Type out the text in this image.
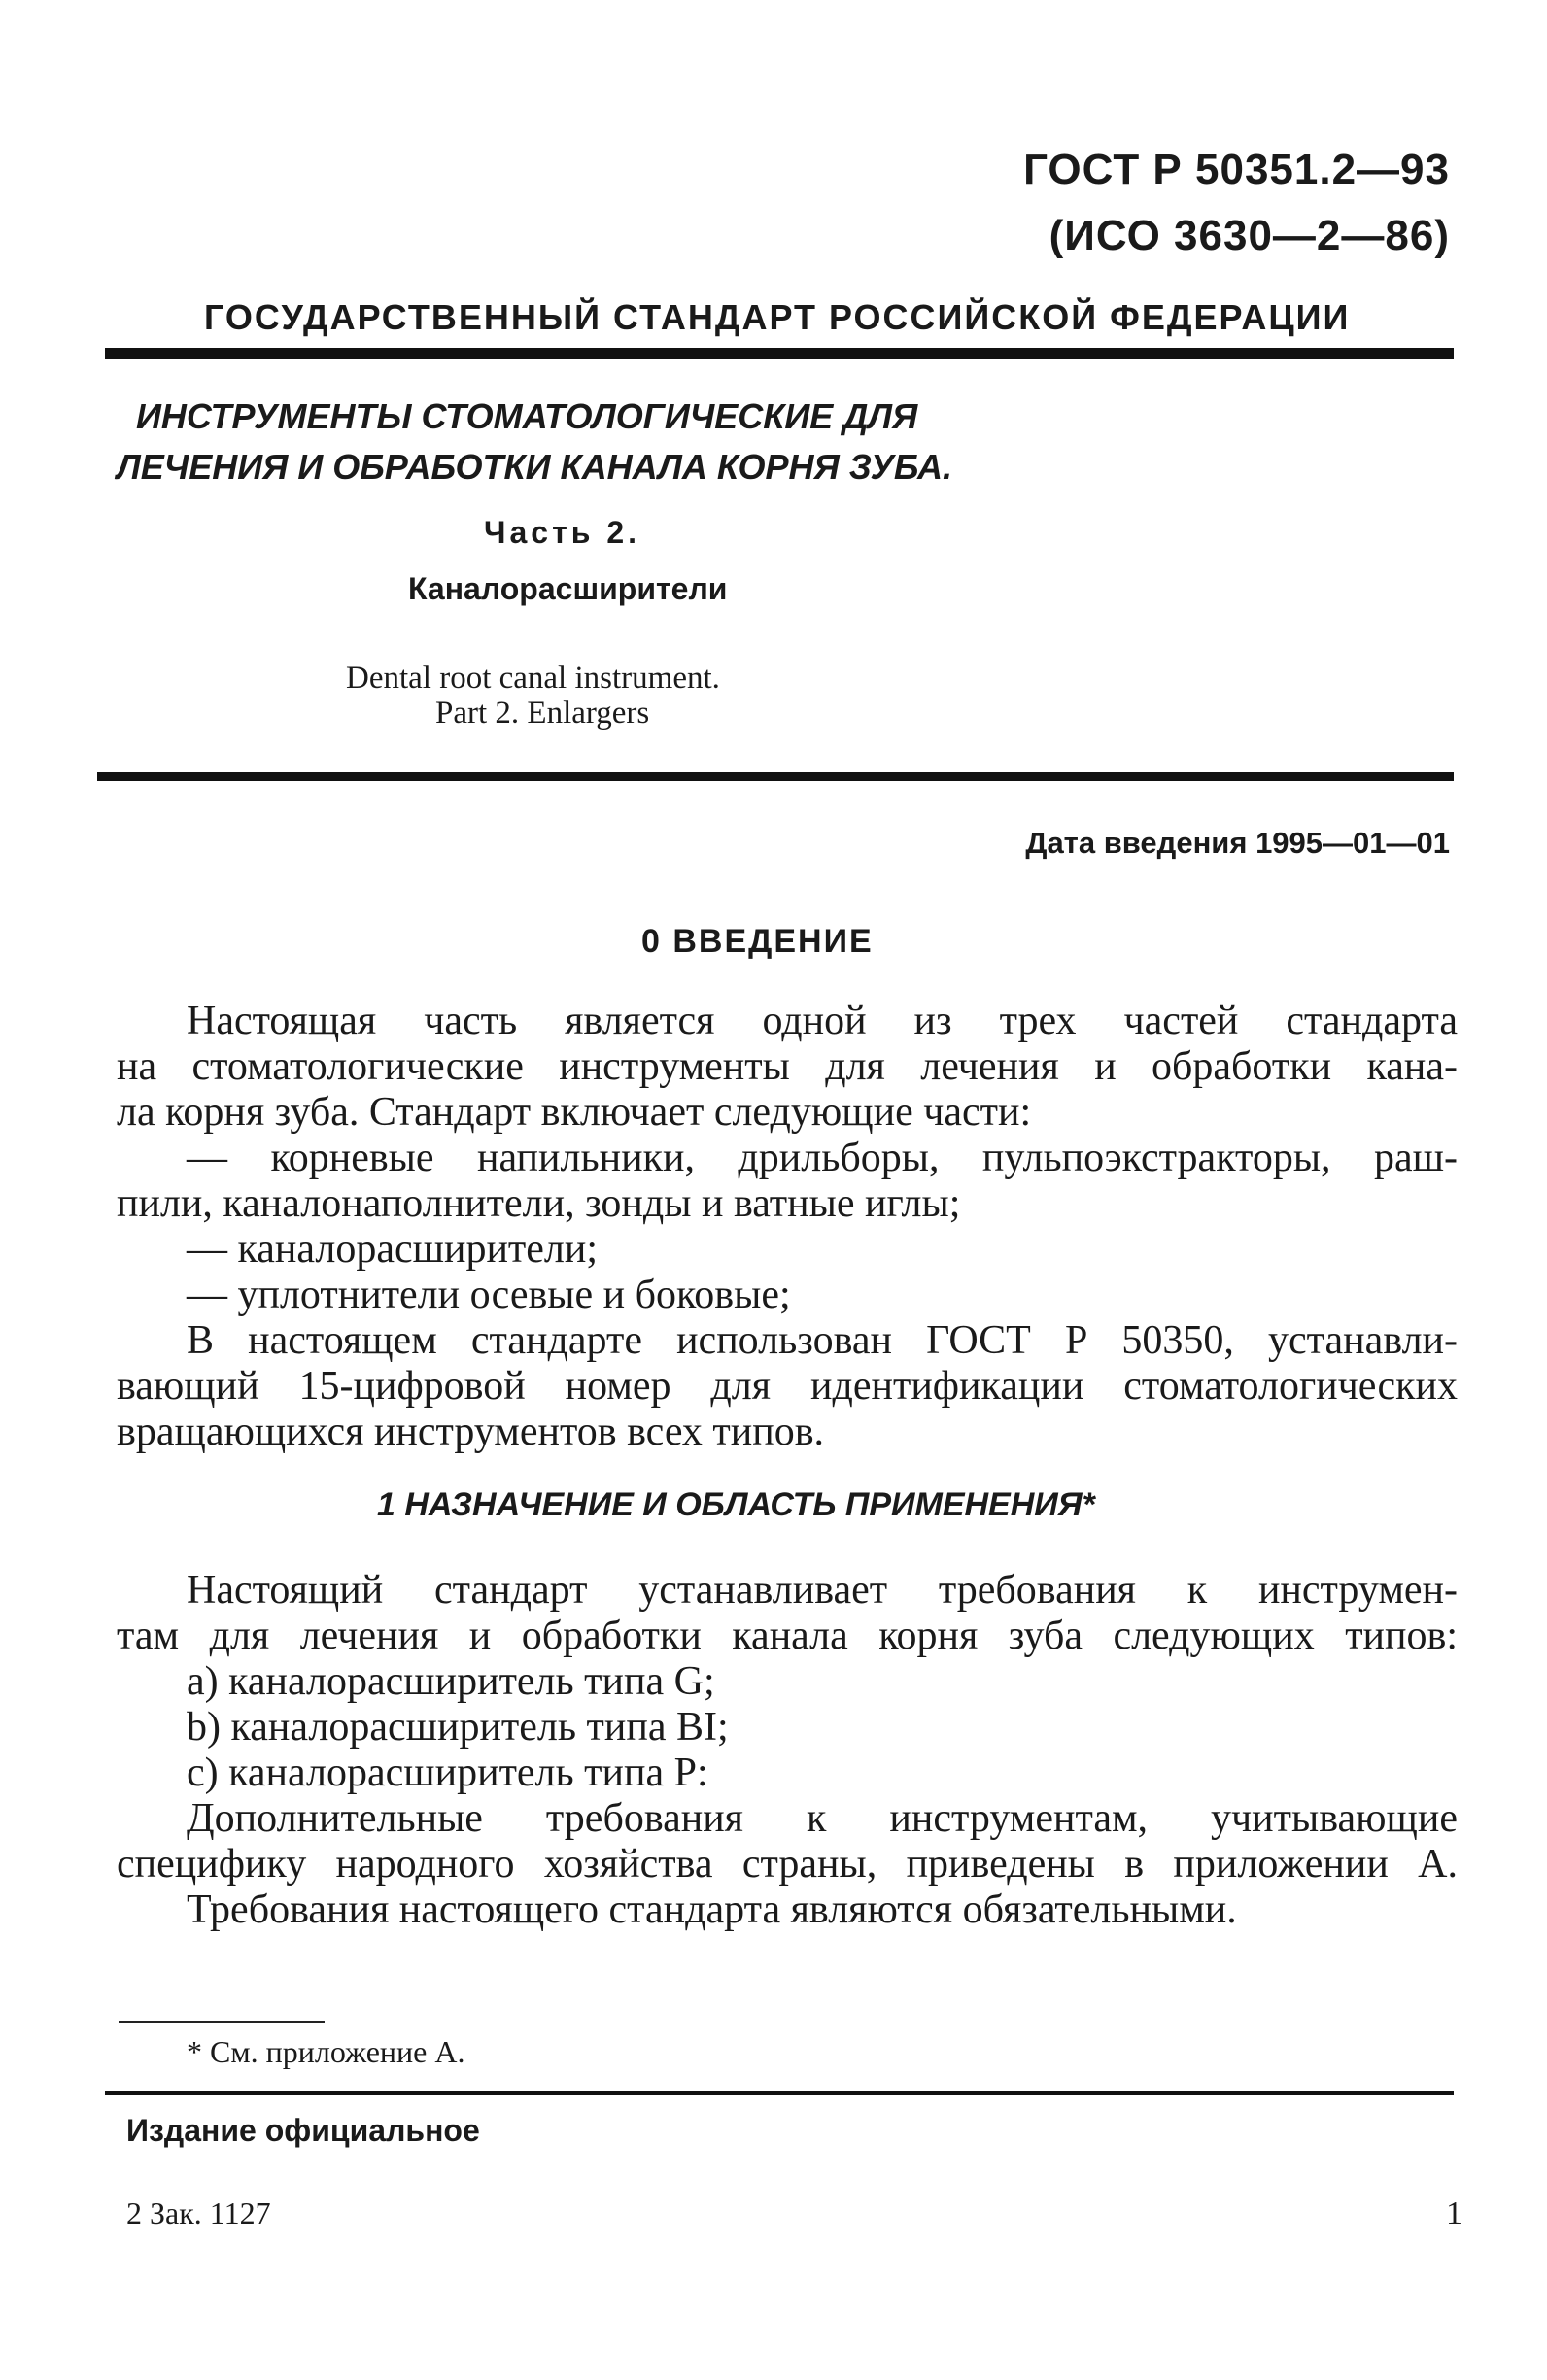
ГОСТ Р 50351.2—93
(ИСО 3630—2—86)
ГОСУДАРСТВЕННЫЙ СТАНДАРТ РОССИЙСКОЙ ФЕДЕРАЦИИ
ИНСТРУМЕНТЫ СТОМАТОЛОГИЧЕСКИЕ ДЛЯ
ЛЕЧЕНИЯ И ОБРАБОТКИ КАНАЛА КОРНЯ ЗУБА.
Часть 2.
Каналорасширители
Dental root canal instrument.
Part 2. Enlargers
Дата введения 1995—01—01
0 ВВЕДЕНИЕ

Настоящая часть является одной из трех частей стандарта

на стоматологические инструменты для лечения и обработки кана-

ла корня зуба. Стандарт включает следующие части:

— корневые напильники, дрильборы, пульпоэкстракторы, раш-

пили, каналонаполнители, зонды и ватные иглы;

— каналорасширители;

— уплотнители осевые и боковые;

В настоящем стандарте использован ГОСТ Р 50350, устанавли-

вающий 15-цифровой номер для идентификации стоматологических

вращающихся инструментов всех типов.

1 НАЗНАЧЕНИЕ И ОБЛАСТЬ ПРИМЕНЕНИЯ*

Настоящий стандарт устанавливает требования к инструмен-

там для лечения и обработки канала корня зуба следующих типов:

а) каналорасширитель типа G;

b) каналорасширитель типа BI;

с) каналорасширитель типа P:

Дополнительные требования к инструментам, учитывающие

специфику народного хозяйства страны, приведены в приложении А.

Требования настоящего стандарта являются обязательными.

* См. приложение А.
Издание официальное
2 Зак. 1127	1
